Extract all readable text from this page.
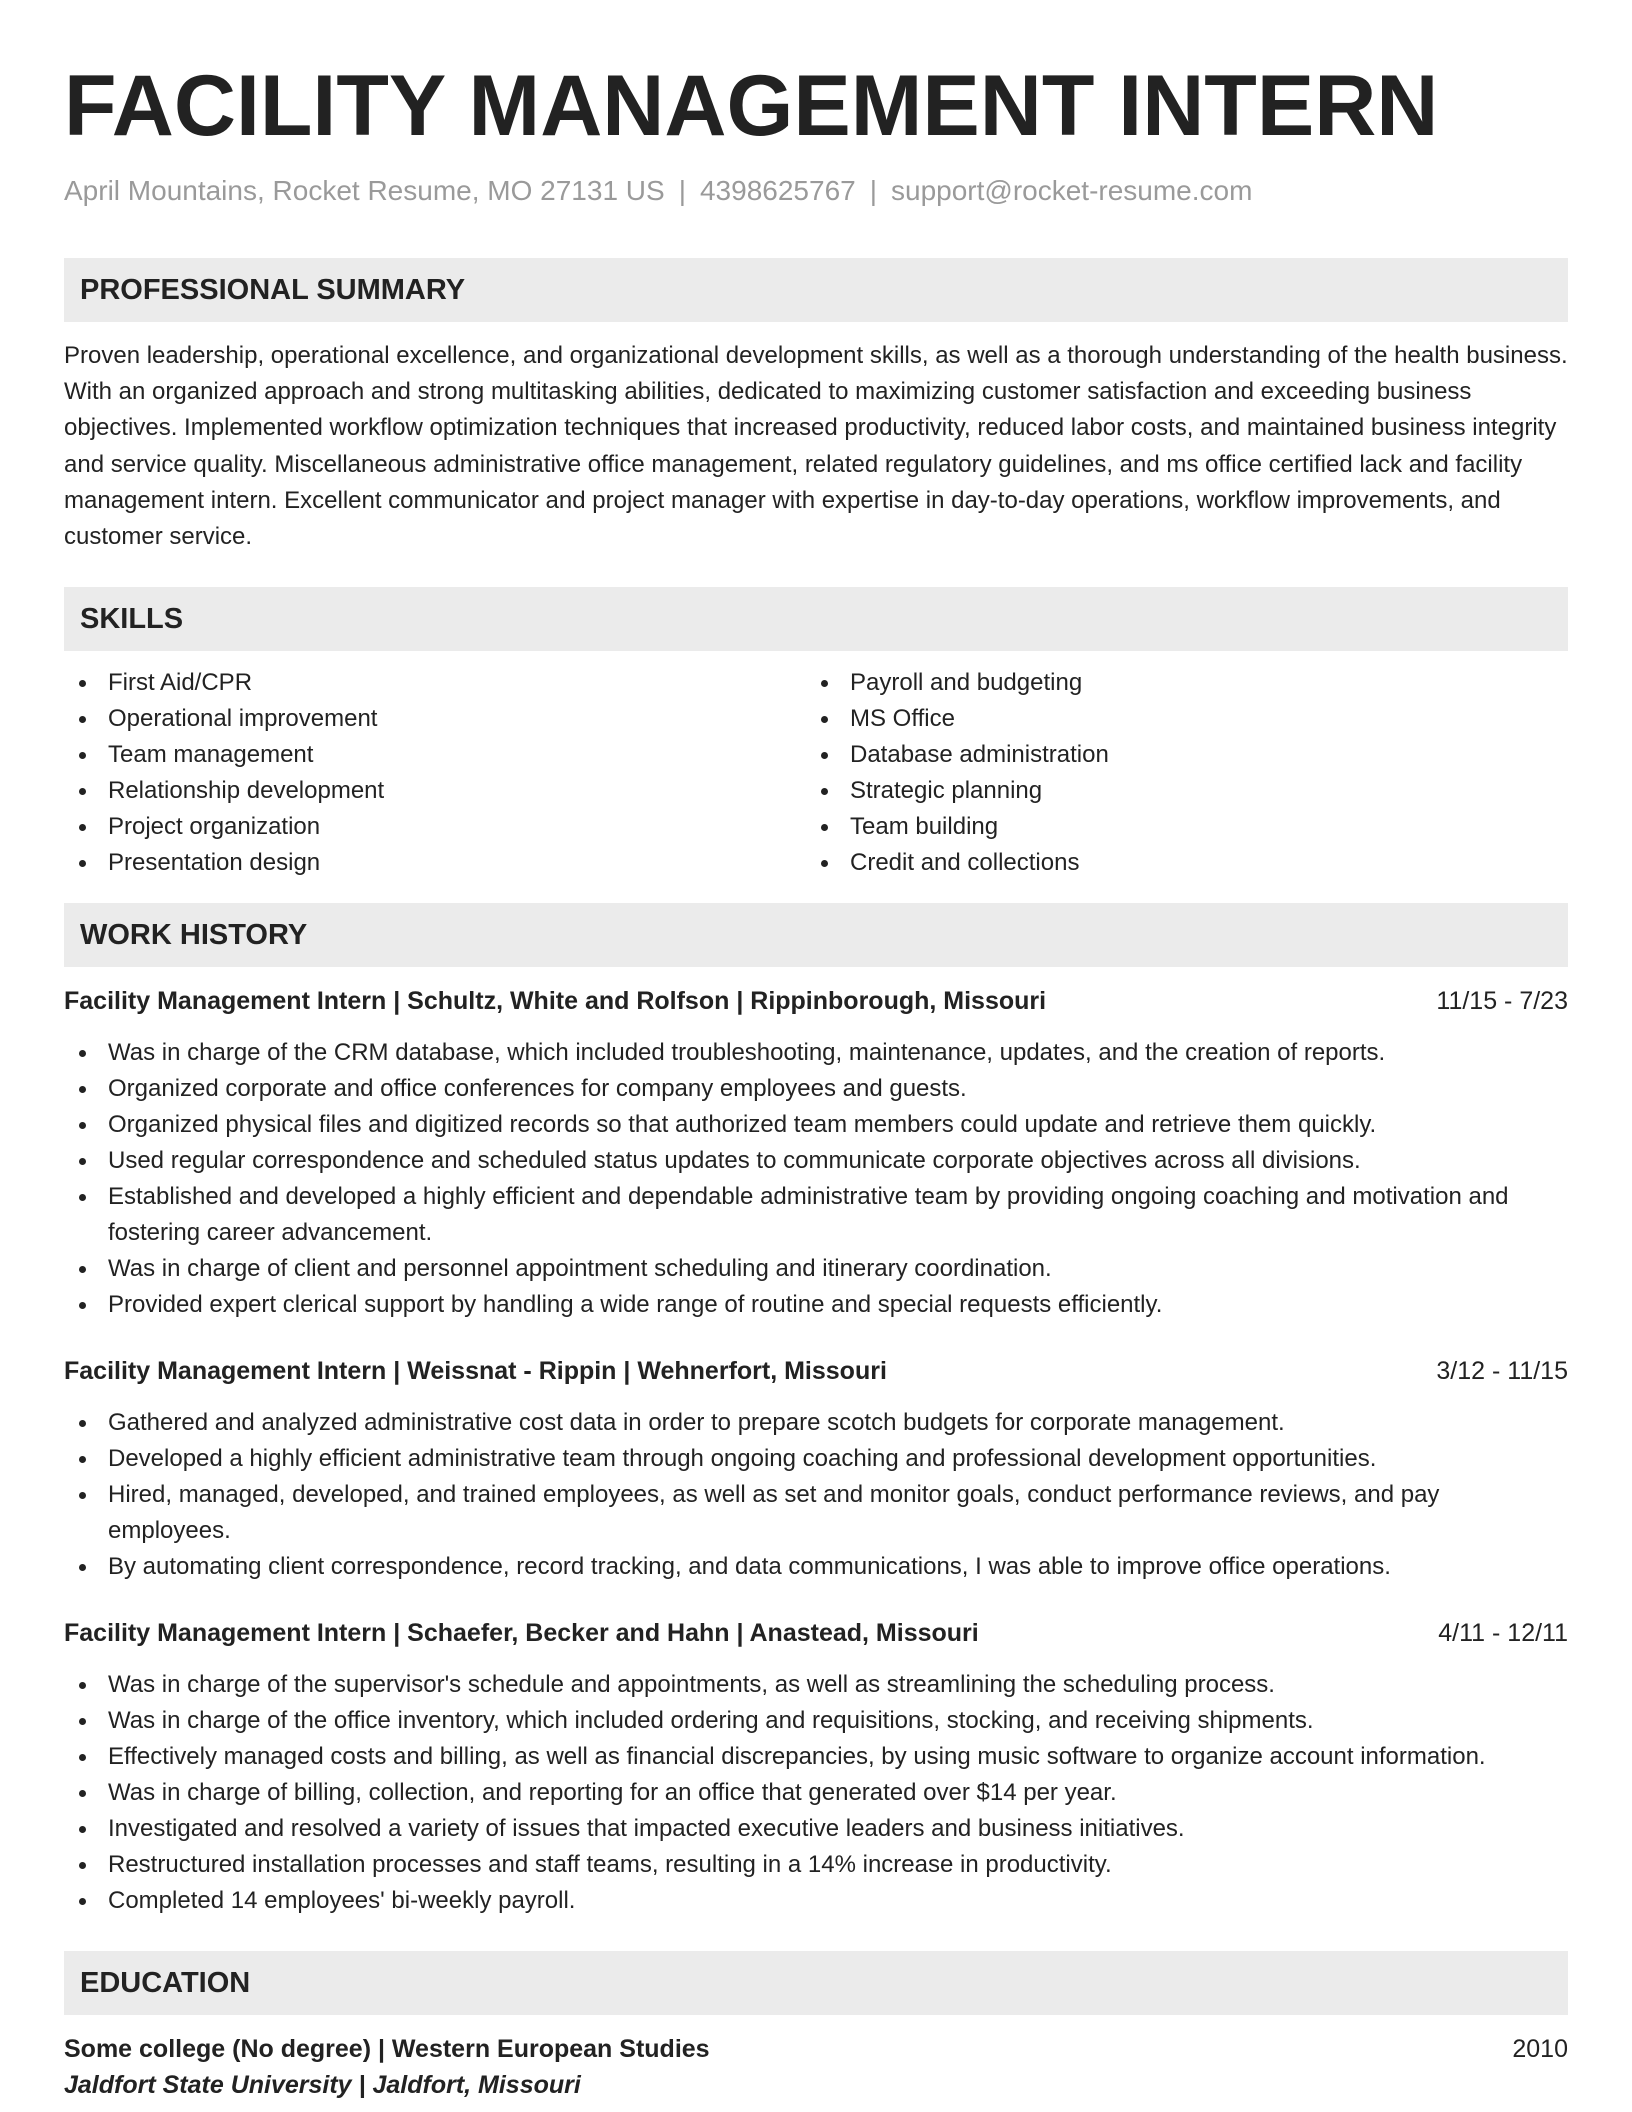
FACILITY MANAGEMENT INTERN
April Mountains, Rocket Resume, MO 27131 US | 4398625767 | support@rocket-resume.com
PROFESSIONAL SUMMARY

Proven leadership, operational excellence, and organizational development skills, as well as a thorough understanding of the health business. With an organized approach and strong multitasking abilities, dedicated to maximizing customer satisfaction and exceeding business objectives. Implemented workflow optimization techniques that increased productivity, reduced labor costs, and maintained business integrity and service quality. Miscellaneous administrative office management, related regulatory guidelines, and ms office certified lack and facility management intern. Excellent communicator and project manager with expertise in day-to-day operations, workflow improvements, and customer service.

SKILLS
First Aid/CPR
Operational improvement
Team management
Relationship development
Project organization
Presentation design
Payroll and budgeting
MS Office
Database administration
Strategic planning
Team building
Credit and collections
WORK HISTORY
Facility Management Intern | Schultz, White and Rolfson | Rippinborough, Missouri	11/15 - 7/23
Was in charge of the CRM database, which included troubleshooting, maintenance, updates, and the creation of reports.
Organized corporate and office conferences for company employees and guests.
Organized physical files and digitized records so that authorized team members could update and retrieve them quickly.
Used regular correspondence and scheduled status updates to communicate corporate objectives across all divisions.
Established and developed a highly efficient and dependable administrative team by providing ongoing coaching and motivation and fostering career advancement.
Was in charge of client and personnel appointment scheduling and itinerary coordination.
Provided expert clerical support by handling a wide range of routine and special requests efficiently.
Facility Management Intern | Weissnat - Rippin | Wehnerfort, Missouri	3/12 - 11/15
Gathered and analyzed administrative cost data in order to prepare scotch budgets for corporate management.
Developed a highly efficient administrative team through ongoing coaching and professional development opportunities.
Hired, managed, developed, and trained employees, as well as set and monitor goals, conduct performance reviews, and pay employees.
By automating client correspondence, record tracking, and data communications, I was able to improve office operations.
Facility Management Intern | Schaefer, Becker and Hahn | Anastead, Missouri	4/11 - 12/11
Was in charge of the supervisor's schedule and appointments, as well as streamlining the scheduling process.
Was in charge of the office inventory, which included ordering and requisitions, stocking, and receiving shipments.
Effectively managed costs and billing, as well as financial discrepancies, by using music software to organize account information.
Was in charge of billing, collection, and reporting for an office that generated over $14 per year.
Investigated and resolved a variety of issues that impacted executive leaders and business initiatives.
Restructured installation processes and staff teams, resulting in a 14% increase in productivity.
Completed 14 employees' bi-weekly payroll.
EDUCATION
Some college (No degree) | Western European Studies	2010
Jaldfort State University | Jaldfort, Missouri
